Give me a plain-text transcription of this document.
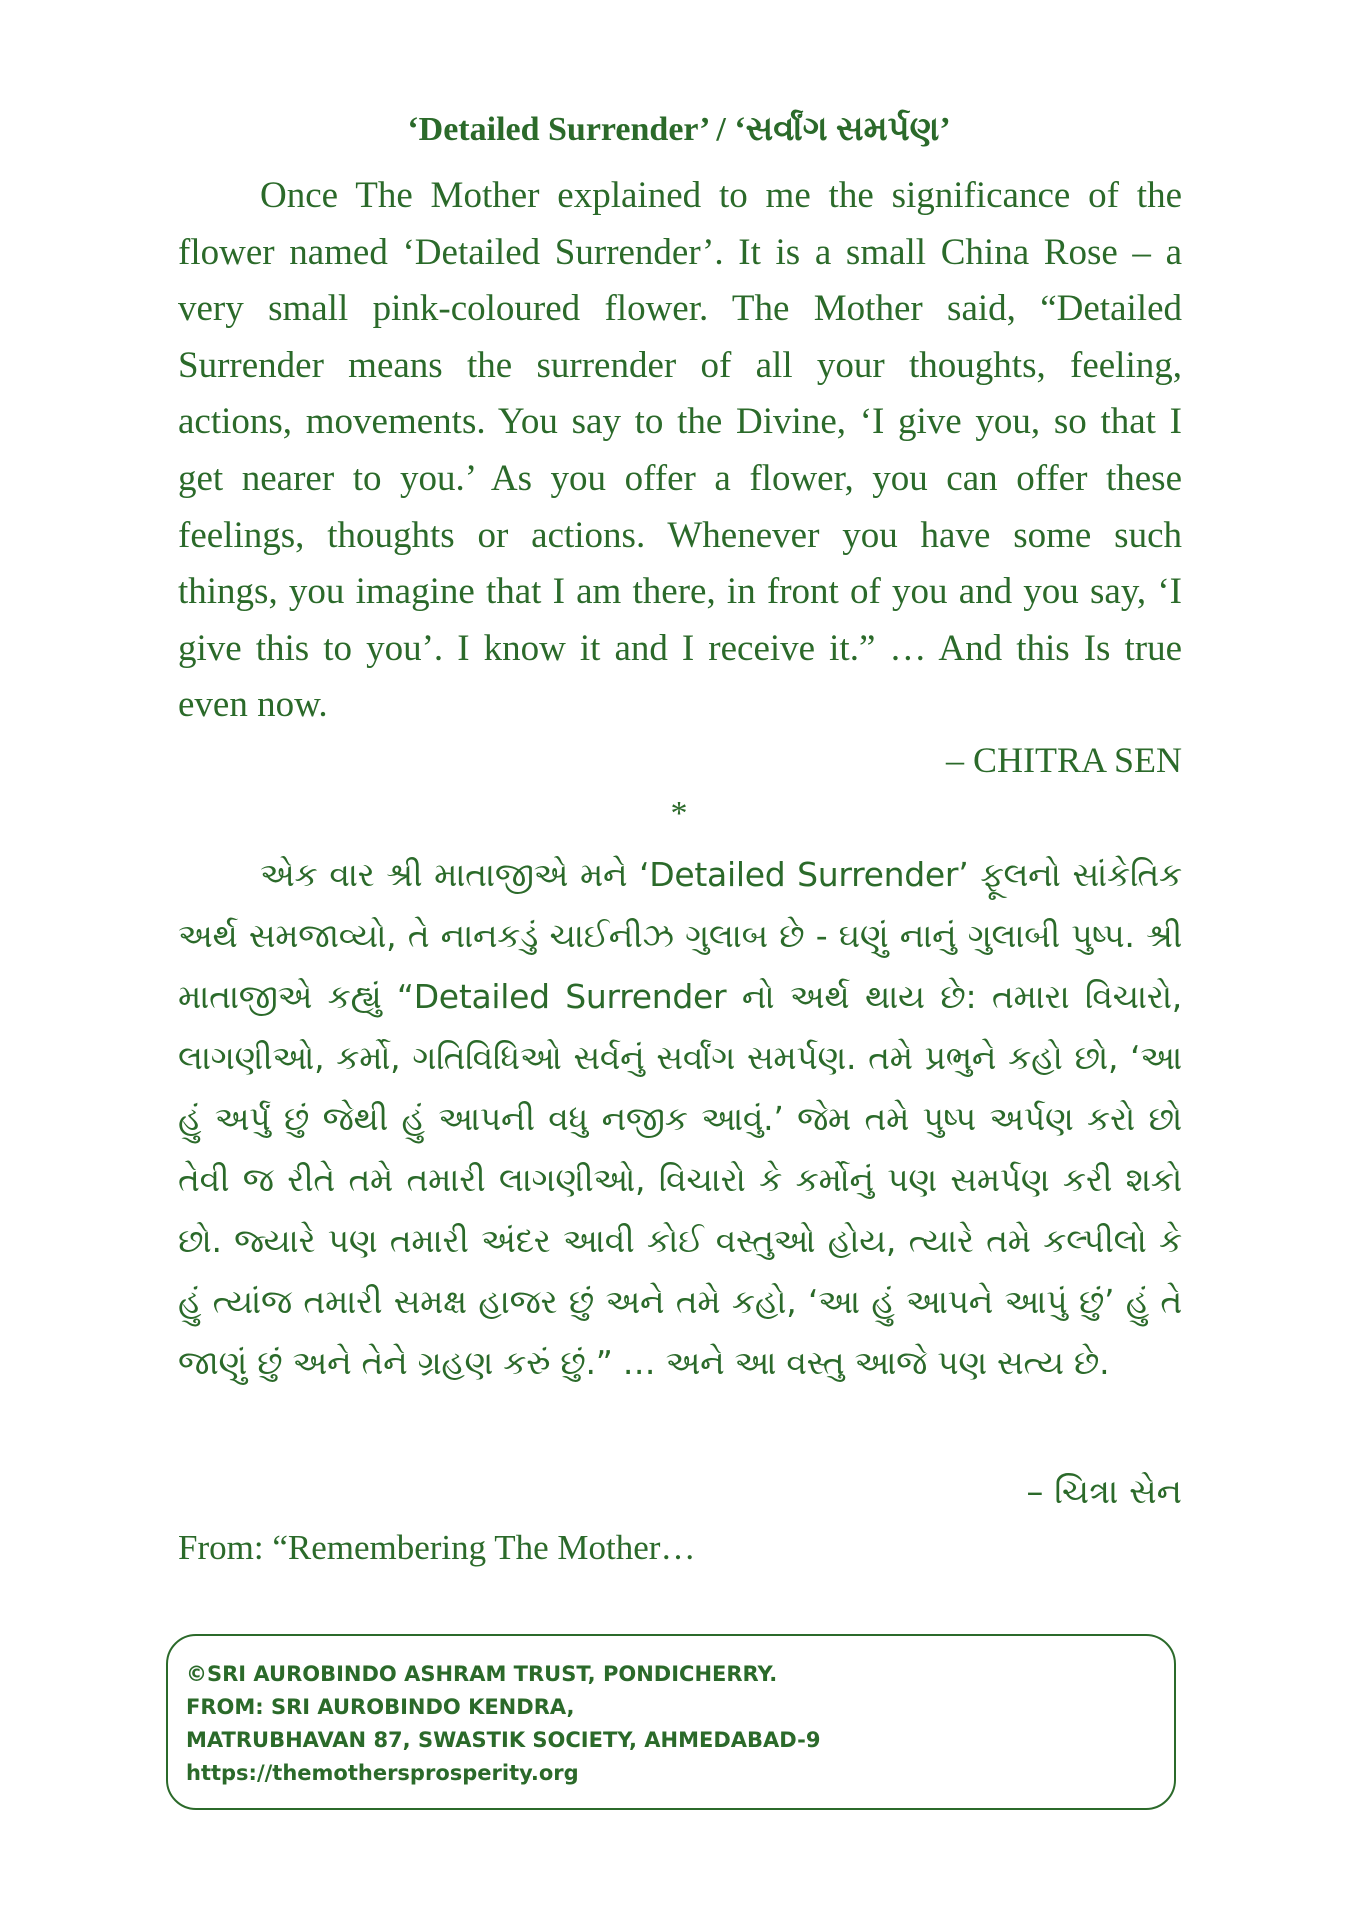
‘Detailed Surrender’ / ‘સર્વાંગ સમર્પણ’

Once The Mother explained to me the significance of the flower named ‘Detailed Surrender’. It is a small China Rose – a very small pink-coloured flower. The Mother said, “Detailed Surrender means the surrender of all your thoughts, feeling, actions, movements. You say to the Divine, ‘I give you, so that I get nearer to you.’ As you offer a flower, you can offer these feelings, thoughts or actions. Whenever you have some such things, you imagine that I am there, in front of you and you say, ‘I give this to you’. I know it and I receive it.” … And this Is true even now.

– CHITRA SEN
*

એક વાર શ્રી માતાજીએ મને ‘Detailed Surrender’ ફૂલનો સાંકેતિક અર્થ સમજાવ્યો, તે નાનકડું ચાઈનીઝ ગુલાબ છે - ઘણું નાનું ગુલાબી પુષ્પ. શ્રી માતાજીએ કહ્યું “Detailed Surrender નો અર્થ થાય છે: તમારા વિચારો, લાગણીઓ, કર્મો, ગતિવિધિઓ સર્વનું સર્વાંગ સમર્પણ. તમે પ્રભુને કહો છો, ‘આ હું અર્પું છું જેથી હું આપની વધુ નજીક આવું.’ જેમ તમે પુષ્પ અર્પણ કરો છો તેવી જ રીતે તમે તમારી લાગણીઓ, વિચારો કે કર્મોનું પણ સમર્પણ કરી શકો છો. જ્યારે પણ તમારી અંદર આવી કોઈ વસ્તુઓ હોય, ત્યારે તમે કલ્પીલો કે હું ત્યાંજ તમારી સમક્ષ હાજર છું અને તમે કહો, ‘આ હું આપને આપું છું’ હું તે જાણું છું અને તેને ગ્રહણ કરું છું.” … અને આ વસ્તુ આજે પણ સત્ય છે.

– ચિત્રા સેન
From: “Remembering The Mother…
©SRI AUROBINDO ASHRAM TRUST, PONDICHERRY.
FROM: SRI AUROBINDO KENDRA,
MATRUBHAVAN 87, SWASTIK SOCIETY, AHMEDABAD-9
https://themothersprosperity.org
